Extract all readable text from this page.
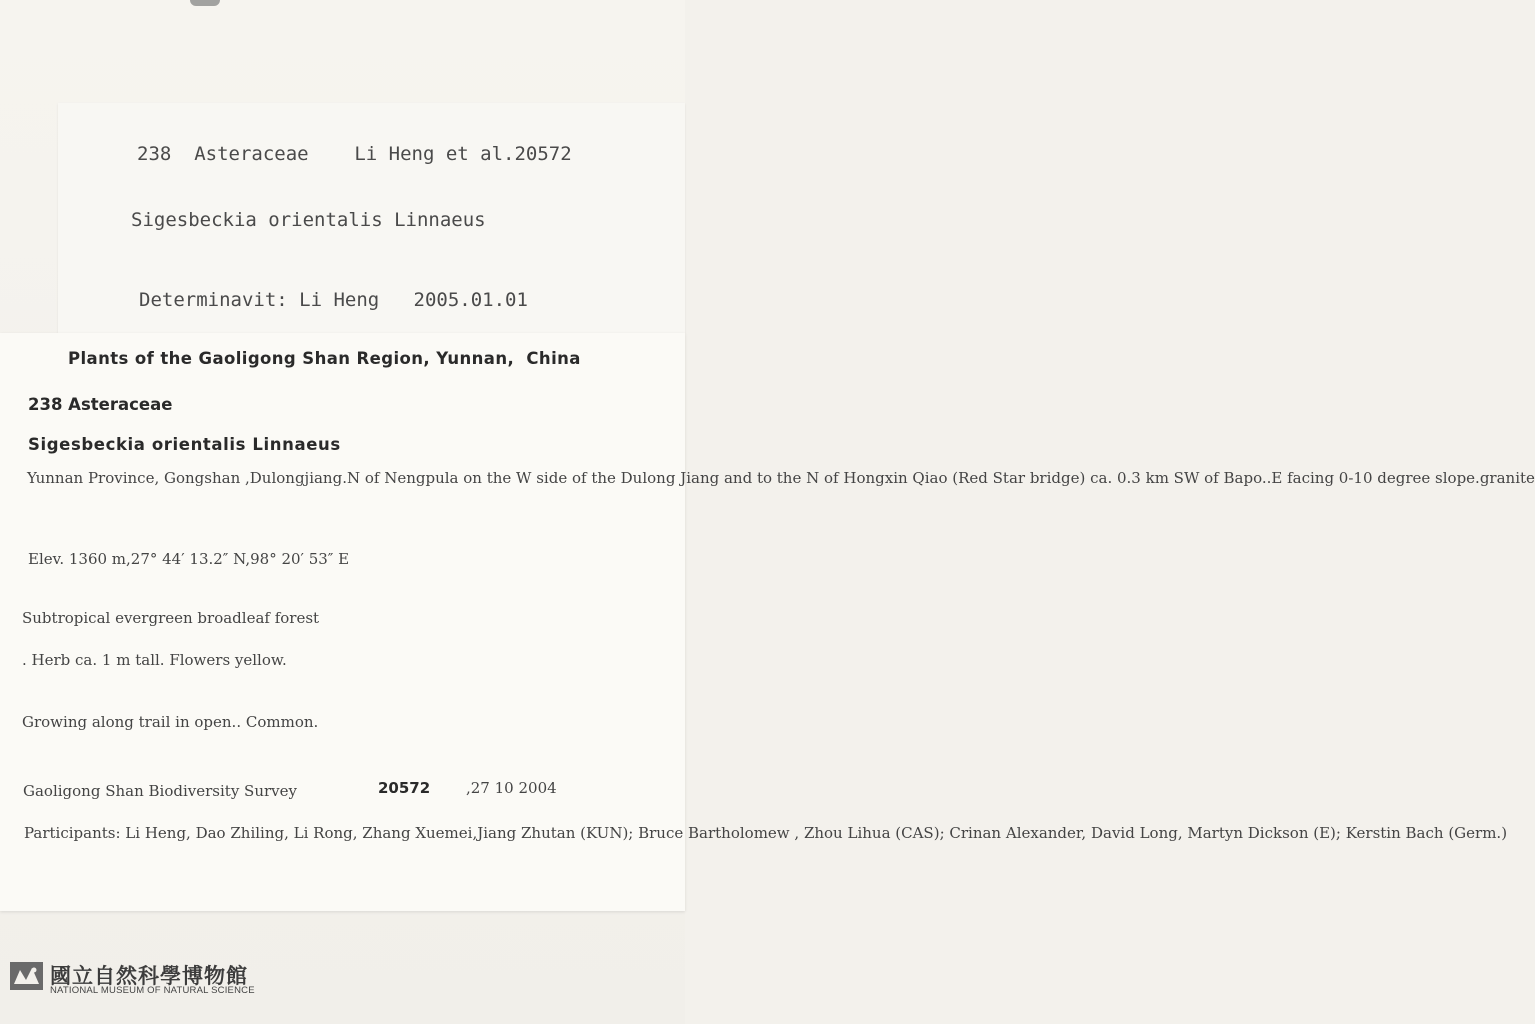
238  Asteraceae    Li Heng et al.20572
Sigesbeckia orientalis Linnaeus
Determinavit: Li Heng   2005.01.01
Plants of the Gaoligong Shan Region, Yunnan,  China
238 Asteraceae
Sigesbeckia orientalis Linnaeus
Yunnan Province, Gongshan ,Dulongjiang.N of Nengpula on the W side of the Dulong Jiang and to the N of Hongxin Qiao (Red Star bridge) ca. 0.3 km SW of Bapo..E facing 0-10 degree slope.granite
Elev. 1360 m,27° 44′ 13.2″ N,98° 20′ 53″ E
Subtropical evergreen broadleaf forest
. Herb ca. 1 m tall. Flowers yellow.
Growing along trail in open.. Common.
Gaoligong Shan Biodiversity Survey	20572 ,27 10 2004
Participants: Li Heng, Dao Zhiling, Li Rong, Zhang Xuemei,Jiang Zhutan (KUN); Bruce Bartholomew , Zhou Lihua (CAS); Crinan Alexander, David Long, Martyn Dickson (E); Kerstin Bach (Germ.)
國立自然科學博物館
NATIONAL MUSEUM OF NATURAL SCIENCE
